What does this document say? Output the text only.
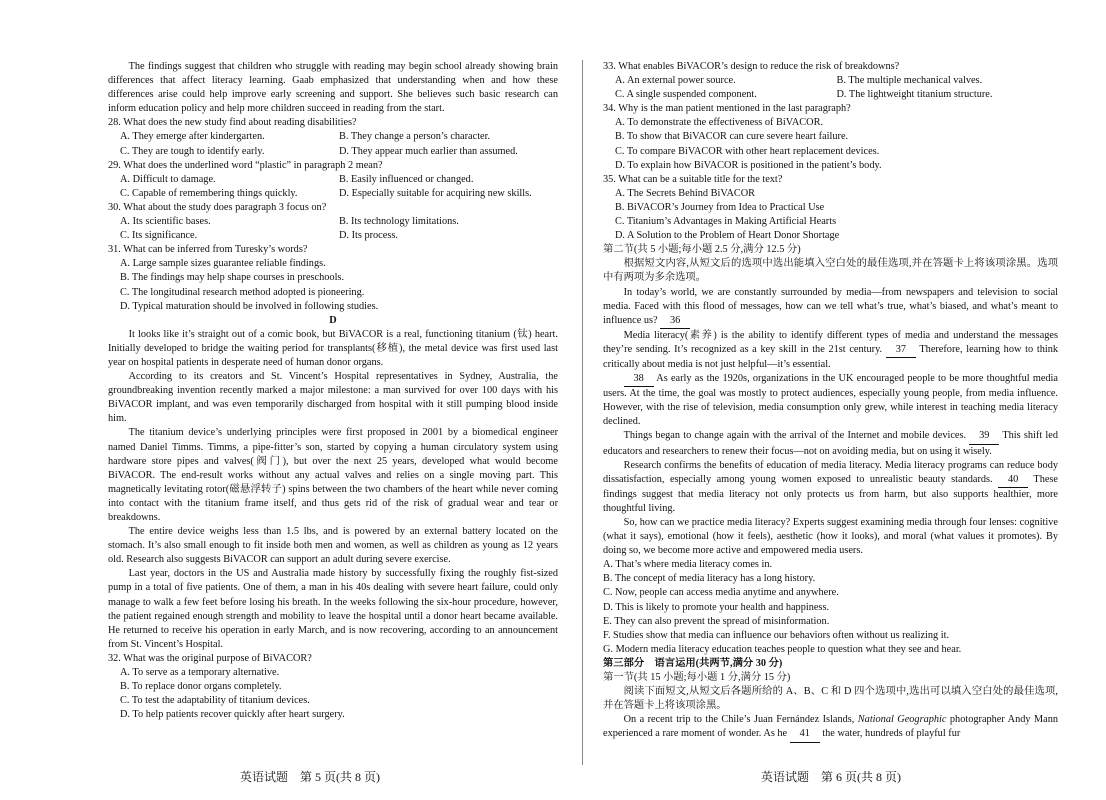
The findings suggest that children who struggle with reading may begin school already showing brain differences that affect literacy learning. Gaab emphasized that understanding when and how these differences arise could help improve early screening and support. She believes such basic research can inform education policy and help more children succeed in reading from the start.

28. What does the new study find about reading disabilities?
A. They emerge after kindergarten.	B. They change a person’s character.
C. They are tough to identify early.	D. They appear much earlier than assumed.
29. What does the underlined word “plastic” in paragraph 2 mean?
A. Difficult to damage.	B. Easily influenced or changed.
C. Capable of remembering things quickly.	D. Especially suitable for acquiring new skills.
30. What about the study does paragraph 3 focus on?
A. Its scientific bases.	B. Its technology limitations.
C. Its significance.	D. Its process.
31. What can be inferred from Turesky’s words?
A. Large sample sizes guarantee reliable findings.
B. The findings may help shape courses in preschools.
C. The longitudinal research method adopted is pioneering.
D. Typical maturation should be involved in following studies.
D

It looks like it’s straight out of a comic book, but BiVACOR is a real, functioning titanium (钛) heart. Initially developed to bridge the waiting period for transplants(移植), the metal device was first used last year on hospital patients in desperate need of human donor organs.

According to its creators and St. Vincent’s Hospital representatives in Sydney, Australia, the groundbreaking invention recently marked a major milestone: a man survived for over 100 days with his BiVACOR implant, and was even temporarily discharged from hospital with it still pumping blood inside him.

The titanium device’s underlying principles were first proposed in 2001 by a biomedical engineer named Daniel Timms. Timms, a pipe-fitter’s son, started by copying a human circulatory system using hardware store pipes and valves(阀门), but over the next 25 years, developed what would become BiVACOR. The end-result works without any actual valves and relies on a single moving part. This magnetically levitating rotor(磁悬浮转子) spins between the two chambers of the heart while never coming into contact with the titanium frame itself, and thus gets rid of the risk of gradual wear and tear or breakdowns.

The entire device weighs less than 1.5 lbs, and is powered by an external battery located on the stomach. It’s also small enough to fit inside both men and women, as well as children as young as 12 years old. Research also suggests BiVACOR can support an adult during severe exercise.

Last year, doctors in the US and Australia made history by successfully fixing the roughly fist-sized pump in a total of five patients. One of them, a man in his 40s dealing with severe heart failure, could only manage to walk a few feet before losing his breath. In the weeks following the six-hour procedure, however, the patient regained enough strength and mobility to leave the hospital until a donor heart became available. He returned to receive his operation in early March, and is now recovering, according to an announcement from St. Vincent’s Hospital.

32. What was the original purpose of BiVACOR?
A. To serve as a temporary alternative.
B. To replace donor organs completely.
C. To test the adaptability of titanium devices.
D. To help patients recover quickly after heart surgery.
英语试题　第 5 页(共 8 页)
33. What enables BiVACOR’s design to reduce the risk of breakdowns?
A. An external power source.	B. The multiple mechanical valves.
C. A single suspended component.	D. The lightweight titanium structure.
34. Why is the man patient mentioned in the last paragraph?
A. To demonstrate the effectiveness of BiVACOR.
B. To show that BiVACOR can cure severe heart failure.
C. To compare BiVACOR with other heart replacement devices.
D. To explain how BiVACOR is positioned in the patient’s body.
35. What can be a suitable title for the text?
A. The Secrets Behind BiVACOR
B. BiVACOR’s Journey from Idea to Practical Use
C. Titanium’s Advantages in Making Artificial Hearts
D. A Solution to the Problem of Heart Donor Shortage
第二节(共 5 小题;每小题 2.5 分,满分 12.5 分)

根据短文内容,从短文后的选项中选出能填入空白处的最佳选项,并在答题卡上将该项涂黑。选项中有两项为多余选项。

In today’s world, we are constantly surrounded by media—from newspapers and television to social media. Faced with this flood of messages, how can we tell what’s true, what’s biased, and what’s meant to influence us? 36

Media literacy(素养) is the ability to identify different types of media and understand the messages they’re sending. It’s recognized as a key skill in the 21st century. 37 Therefore, learning how to think critically about media is not just helpful—it’s essential.

38 As early as the 1920s, organizations in the UK encouraged people to be more thoughtful media users. At the time, the goal was mostly to protect audiences, especially young people, from media influence. However, with the rise of television, media consumption only grew, while interest in teaching media literacy declined.

Things began to change again with the arrival of the Internet and mobile devices. 39 This shift led educators and researchers to renew their focus—not on avoiding media, but on using it wisely.

Research confirms the benefits of education of media literacy. Media literacy programs can reduce body dissatisfaction, especially among young women exposed to unrealistic beauty standards. 40 These findings suggest that media literacy not only protects us from harm, but also supports healthier, more thoughtful living.

So, how can we practice media literacy? Experts suggest examining media through four lenses: cognitive (what it says), emotional (how it feels), aesthetic (how it looks), and moral (what values it promotes). By doing so, we become more active and empowered media users.

A. That’s where media literacy comes in.
B. The concept of media literacy has a long history.
C. Now, people can access media anytime and anywhere.
D. This is likely to promote your health and happiness.
E. They can also prevent the spread of misinformation.
F. Studies show that media can influence our behaviors often without us realizing it.
G. Modern media literacy education teaches people to question what they see and hear.
第三部分　语言运用(共两节,满分 30 分)
第一节(共 15 小题;每小题 1 分,满分 15 分)

阅读下面短文,从短文后各题所给的 A、B、C 和 D 四个选项中,选出可以填入空白处的最佳选项,并在答题卡上将该项涂黑。

On a recent trip to the Chile’s Juan Fernández Islands, National Geographic photographer Andy Mann experienced a rare moment of wonder. As he 41 the water, hundreds of playful fur

英语试题　第 6 页(共 8 页)
